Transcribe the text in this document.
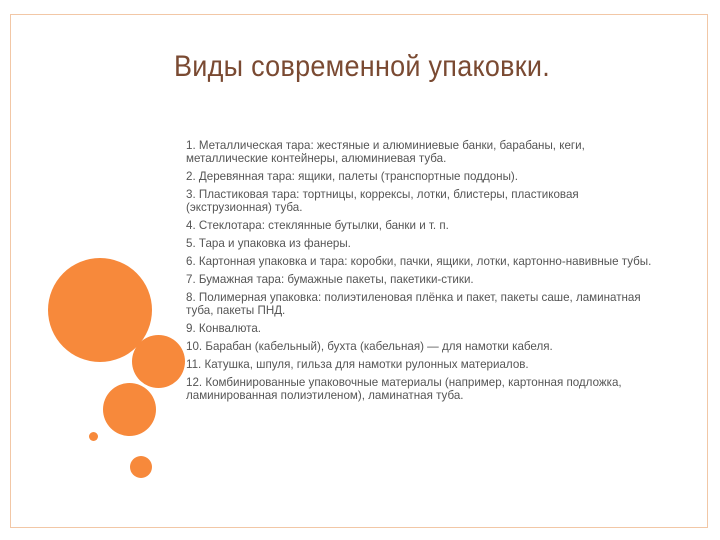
Виды современной упаковки.
1. Металлическая тара: жестяные и алюминиевые банки, барабаны, кеги, металлические контейнеры, алюминиевая туба.
2. Деревянная тара: ящики, палеты (транспортные поддоны).
3. Пластиковая тара: тортницы, коррексы, лотки, блистеры, пластиковая (экструзионная) туба.
4. Стеклотара: стеклянные бутылки, банки и т. п.
5. Тара и упаковка из фанеры.
6. Картонная упаковка и тара: коробки, пачки, ящики, лотки, картонно-навивные тубы.
7. Бумажная тара: бумажные пакеты, пакетики-стики.
8. Полимерная упаковка: полиэтиленовая плёнка и пакет, пакеты саше, ламинатная туба, пакеты ПНД.
9. Конвалюта.
10. Барабан (кабельный), бухта (кабельная) — для намотки кабеля.
11. Катушка, шпуля, гильза для намотки рулонных материалов.
12. Комбинированные упаковочные материалы (например, картонная подложка, ламинированная полиэтиленом), ламинатная туба.
